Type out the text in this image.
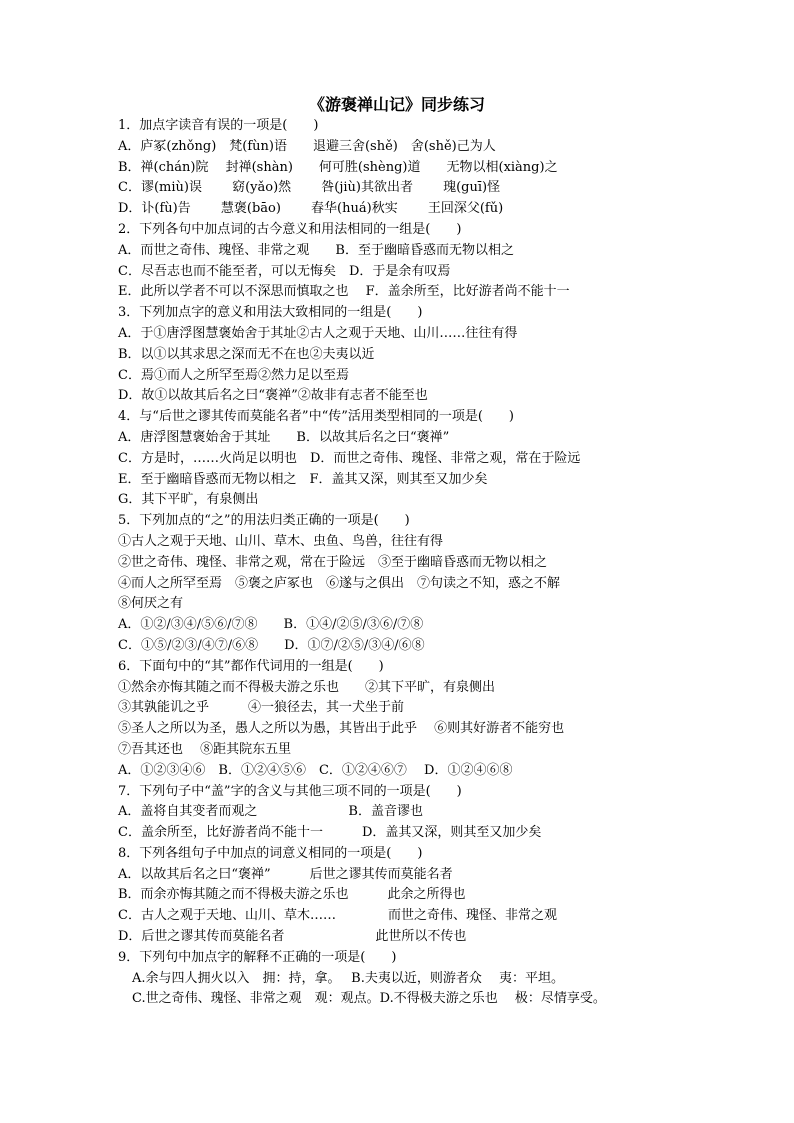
《游褒禅山记》同步练习
1．加点字读音有误的一项是(　　)
A．庐冢(zhǒng)　梵(fùn)语　　退避三舍(shě)　舍(shě)己为人
B．禅(chán)院　 封禅(shàn)　　何可胜(shèng)道　　无物以相(xiàng)之
C．谬(miù)误　　 窈(yǎo)然　　 咎(jiù)其欲出者　　 瑰(guī)怪
D．讣(fù)告　　 慧褒(bāo)　　 春华(huá)秋实　　 王回深父(fǔ)
2．下列各句中加点词的古今意义和用法相同的一组是(　　)
A．而世之奇伟、瑰怪、非常之观　　B．至于幽暗昏惑而无物以相之
C．尽吾志也而不能至者，可以无悔矣　D．于是余有叹焉
E．此所以学者不可以不深思而慎取之也　 F．盖余所至，比好游者尚不能十一
3．下列加点字的意义和用法大致相同的一组是(　　)
A．于①唐浮图慧褒始舍于其址②古人之观于天地、山川……往往有得
B．以①以其求思之深而无不在也②夫夷以近
C．焉①而人之所罕至焉②然力足以至焉
D．故①以故其后名之曰“褒禅”②故非有志者不能至也
4．与“后世之谬其传而莫能名者”中“传”活用类型相同的一项是(　　)
A．唐浮图慧褒始舍于其址　　B．以故其后名之曰“褒禅”
C．方是时，……火尚足以明也　D．而世之奇伟、瑰怪、非常之观，常在于险远
E．至于幽暗昏惑而无物以相之　F．盖其又深，则其至又加少矣
G．其下平旷，有泉侧出
5．下列加点的“之”的用法归类正确的一项是(　　)
①古人之观于天地、山川、草木、虫鱼、鸟兽，往往有得
②世之奇伟、瑰怪、非常之观，常在于险远　③至于幽暗昏惑而无物以相之
④而人之所罕至焉　⑤褒之庐冢也　⑥遂与之俱出　⑦句读之不知，惑之不解
⑧何厌之有
A．①②/③④/⑤⑥/⑦⑧　　B．①④/②⑤/③⑥/⑦⑧
C．①⑤/②③/④⑦/⑥⑧　　D．①⑦/②⑤/③④/⑥⑧
6．下面句中的“其”都作代词用的一组是(　　)
①然余亦悔其随之而不得极夫游之乐也　　②其下平旷，有泉侧出
③其孰能讥之乎　　　④一狼径去，其一犬坐于前
⑤圣人之所以为圣，愚人之所以为愚，其皆出于此乎　 ⑥则其好游者不能穷也
⑦吾其还也　 ⑧距其院东五里
A．①②③④⑥　B．①②④⑤⑥　C．①②④⑥⑦　 D．①②④⑥⑧
7．下列句子中“盖”字的含义与其他三项不同的一项是(　　)
A．盖将自其变者而观之　　　　　　　B．盖音谬也
C．盖余所至，比好游者尚不能十一　　　D．盖其又深，则其至又加少矣
8．下列各组句子中加点的词意义相同的一项是(　　)
A．以故其后名之曰“褒禅”　　　后世之谬其传而莫能名者
B．而余亦悔其随之而不得极夫游之乐也　　　此余之所得也
C．古人之观于天地、山川、草木……　　　　而世之奇伟、瑰怪、非常之观
D．后世之谬其传而莫能名者　　　　　　　此世所以不传也
9．下列句中加点字的解释不正确的一项是(　　)
A.余与四人拥火以入　拥：持，拿。　 B.夫夷以近，则游者众　 夷：平坦。
C.世之奇伟、瑰怪、非常之观　观：观点。D.不得极夫游之乐也　 极：尽情享受。
